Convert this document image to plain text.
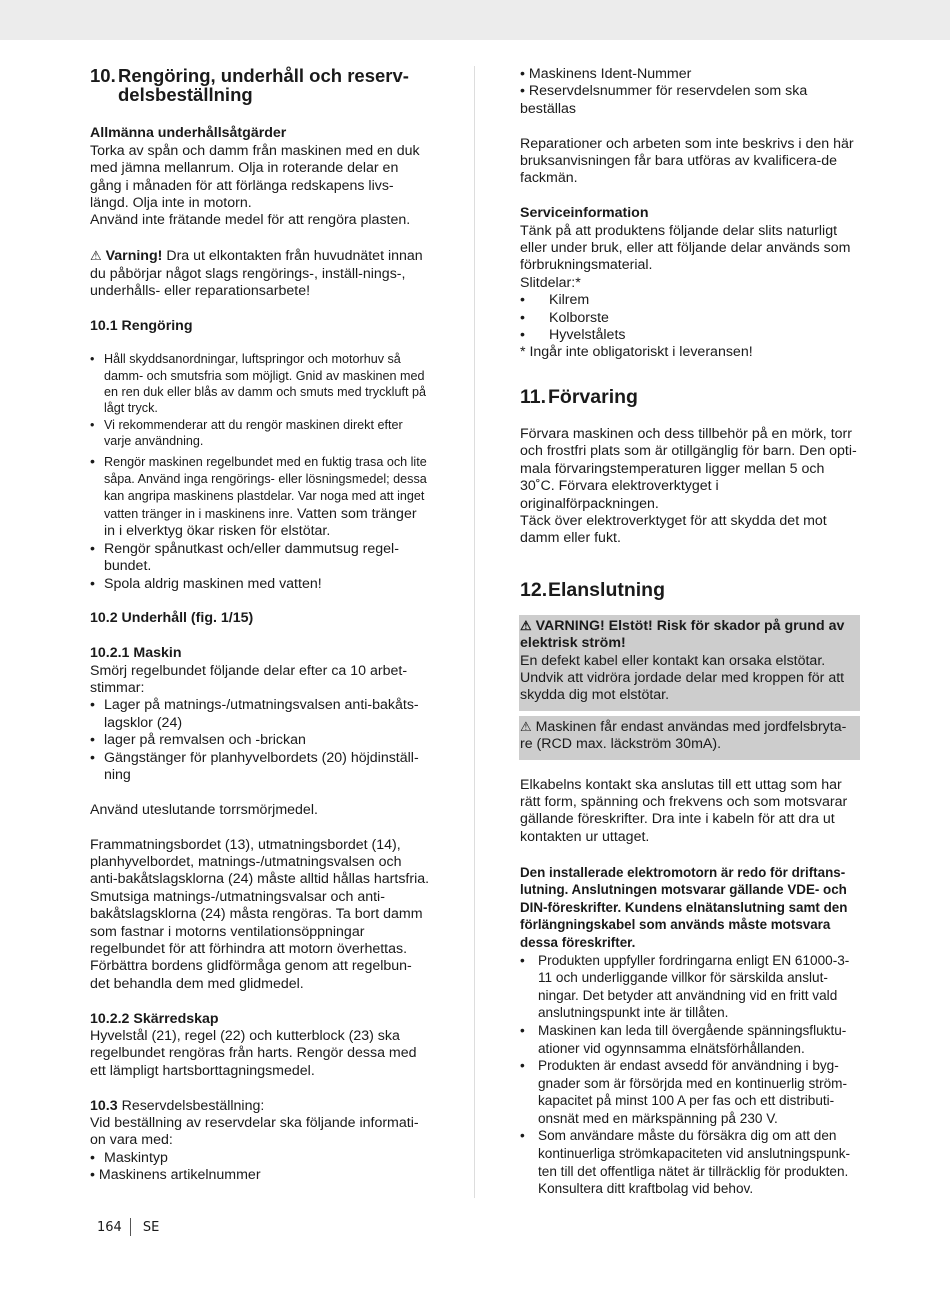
10. Rengöring, underhåll och reserv-delsbeställning

Allmänna underhållsåtgärder

Torka av spån och damm från maskinen med en duk med jämna mellanrum. Olja in roterande delar en gång i månaden för att förlänga redskapens livs-längd. Olja inte in motorn.

Använd inte frätande medel för att rengöra plasten.

⚠ Varning! Dra ut elkontakten från huvudnätet innan du påbörjar något slags rengörings-, inställ-nings-, underhålls- eller reparationsarbete!

10.1 Rengöring

• Håll skyddsanordningar, luftspringor och motorhuv så damm- och smutsfria som möjligt. Gnid av maskinen med en ren duk eller blås av damm och smuts med tryckluft på lågt tryck.
• Vi rekommenderar att du rengör maskinen direkt efter varje användning.
• Rengör maskinen regelbundet med en fuktig trasa och lite såpa. Använd inga rengörings- eller lösningsmedel; dessa kan angripa maskinens plastdelar. Var noga med att inget vatten tränger in i maskinens inre. Vatten som tränger in i elverktyg ökar risken för elstötar.
• Rengör spånutkast och/eller dammutsug regel-bundet.
• Spola aldrig maskinen med vatten!

10.2 Underhåll (fig. 1/15)

10.2.1 Maskin

Smörj regelbundet följande delar efter ca 10 arbet-stimmar:

• Lager på matnings-/utmatningsvalsen anti-bakåts-lagsklor (24)
• lager på remvalsen och -brickan
• Gängstänger för planhyvelbordets (20) höjdinställ-ning

Använd uteslutande torrsmörjmedel.

Frammatningsbordet (13), utmatningsbordet (14), planhyvelbordet, matnings-/utmatningsvalsen och anti-bakåtslagsklorna (24) måste alltid hållas hartsfria. Smutsiga matnings-/utmatningsvalsar och anti-bakåtslagsklorna (24) måsta rengöras. Ta bort damm som fastnar i motorns ventilationsöppningar regelbundet för att förhindra att motorn överhettas. Förbättra bordens glidförmåga genom att regelbun-det behandla dem med glidmedel.

10.2.2 Skärredskap

Hyvelstål (21), regel (22) och kutterblock (23) ska regelbundet rengöras från harts. Rengör dessa med ett lämpligt hartsborttagningsmedel.

10.3 Reservdelsbeställning:

Vid beställning av reservdelar ska följande informati-on vara med:

• Maskintyp

• Maskinens artikelnummer

• Maskinens Ident-Nummer

• Reservdelsnummer för reservdelen som ska beställas

Reparationer och arbeten som inte beskrivs i den här bruksanvisningen får bara utföras av kvalificera-de fackmän.

Serviceinformation

Tänk på att produktens följande delar slits naturligt eller under bruk, eller att följande delar används som förbrukningsmaterial.

Slitdelar:*

• Kilrem
• Kolborste
• Hyvelstålets

* Ingår inte obligatoriskt i leveransen!

11. Förvaring

Förvara maskinen och dess tillbehör på en mörk, torr och frostfri plats som är otillgänglig för barn. Den opti-mala förvaringstemperaturen ligger mellan 5 och 30˚C. Förvara elektroverktyget i originalförpackningen.

Täck över elektroverktyget för att skydda det mot damm eller fukt.

12. Elanslutning

⚠ VARNING! Elstöt! Risk för skador på grund av elektrisk ström!

En defekt kabel eller kontakt kan orsaka elstötar. Undvik att vidröra jordade delar med kroppen för att skydda dig mot elstötar.

⚠ Maskinen får endast användas med jordfelsbryta-re (RCD max. läckström 30mA).

Elkabelns kontakt ska anslutas till ett uttag som har rätt form, spänning och frekvens och som motsvarar gällande föreskrifter. Dra inte i kabeln för att dra ut kontakten ur uttaget.

Den installerade elektromotorn är redo för driftans-lutning. Anslutningen motsvarar gällande VDE- och DIN-föreskrifter. Kundens elnätanslutning samt den förlängningskabel som används måste motsvara dessa föreskrifter.

• Produkten uppfyller fordringarna enligt EN 61000-3-11 och underliggande villkor för särskilda anslut-ningar. Det betyder att användning vid en fritt vald anslutningspunkt inte är tillåten.
• Maskinen kan leda till övergående spänningsfluktu-ationer vid ogynnsamma elnätsförhållanden.
• Produkten är endast avsedd för användning i byg-gnader som är försörjda med en kontinuerlig ström-kapacitet på minst 100 A per fas och ett distributi-onsnät med en märkspänning på 230 V.
• Som användare måste du försäkra dig om att den kontinuerliga strömkapaciteten vid anslutningspunk-ten till det offentliga nätet är tillräcklig för produkten. Konsultera ditt kraftbolag vid behov.
164 SE
